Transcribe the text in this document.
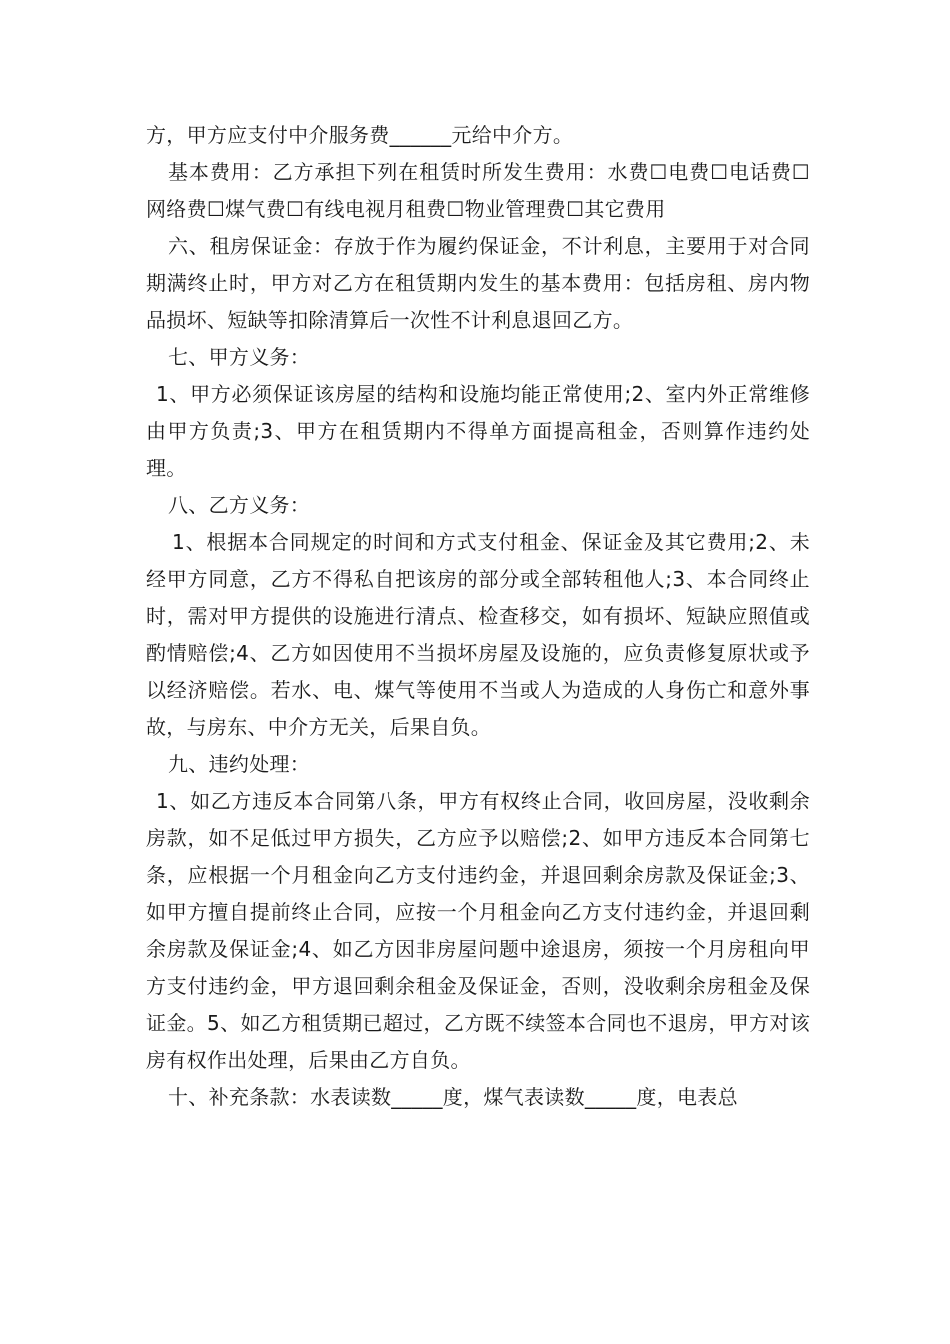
方，甲方应支付中介服务费______元给中介方。

基本费用：乙方承担下列在租赁时所发生费用：水费☐电费☐电话费☐网络费☐煤气费☐有线电视月租费☐物业管理费☐其它费用

六、租房保证金：存放于作为履约保证金，不计利息，主要用于对合同期满终止时，甲方对乙方在租赁期内发生的基本费用：包括房租、房内物品损坏、短缺等扣除清算后一次性不计利息退回乙方。

七、甲方义务：

1、甲方必须保证该房屋的结构和设施均能正常使用;2、室内外正常维修由甲方负责;3、甲方在租赁期内不得单方面提高租金，否则算作违约处理。

八、乙方义务：

1、根据本合同规定的时间和方式支付租金、保证金及其它费用;2、未经甲方同意，乙方不得私自把该房的部分或全部转租他人;3、本合同终止时，需对甲方提供的设施进行清点、检查移交，如有损坏、短缺应照值或酌情赔偿;4、乙方如因使用不当损坏房屋及设施的，应负责修复原状或予以经济赔偿。若水、电、煤气等使用不当或人为造成的人身伤亡和意外事故，与房东、中介方无关，后果自负。

九、违约处理：

1、如乙方违反本合同第八条，甲方有权终止合同，收回房屋，没收剩余房款，如不足低过甲方损失，乙方应予以赔偿;2、如甲方违反本合同第七条，应根据一个月租金向乙方支付违约金，并退回剩余房款及保证金;3、如甲方擅自提前终止合同，应按一个月租金向乙方支付违约金，并退回剩余房款及保证金;4、如乙方因非房屋问题中途退房，须按一个月房租向甲方支付违约金，甲方退回剩余租金及保证金，否则，没收剩余房租金及保证金。5、如乙方租赁期已超过，乙方既不续签本合同也不退房，甲方对该房有权作出处理，后果由乙方自负。

十、补充条款：水表读数_____度，煤气表读数_____度，电表总
